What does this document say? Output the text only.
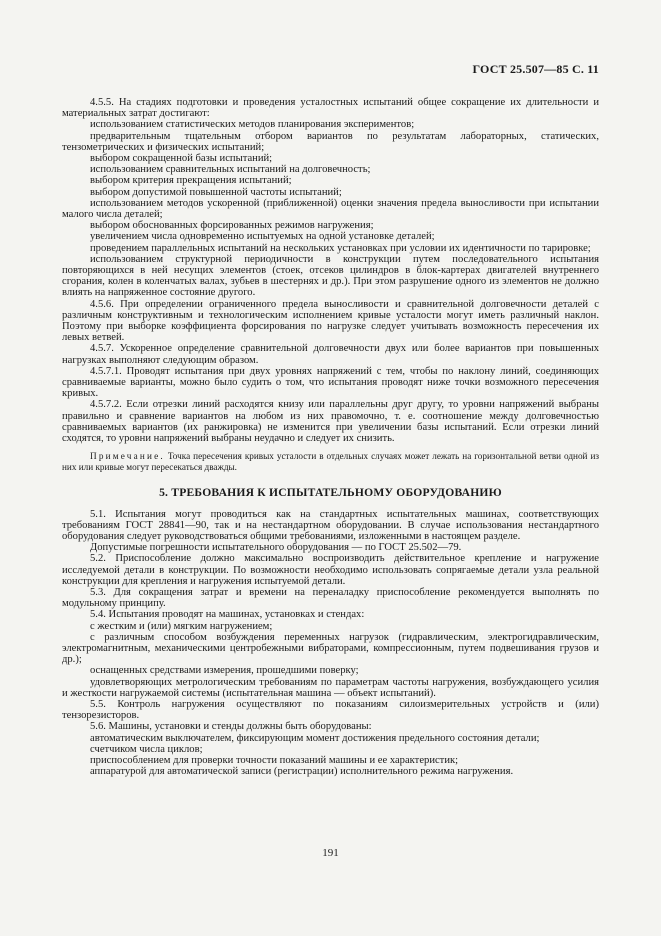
ГОСТ 25.507—85 С. 11

4.5.5. На стадиях подготовки и проведения усталостных испытаний общее сокращение их длительности и материальных затрат достигают:

использованием статистических методов планирования экспериментов;

предварительным тщательным отбором вариантов по результатам лабораторных, статических, тензометрических и физических испытаний;

выбором сокращенной базы испытаний;

использованием сравнительных испытаний на долговечность;

выбором критерия прекращения испытаний;

выбором допустимой повышенной частоты испытаний;

использованием методов ускоренной (приближенной) оценки значения предела выносливости при испытании малого числа деталей;

выбором обоснованных форсированных режимов нагружения;

увеличением числа одновременно испытуемых на одной установке деталей;

проведением параллельных испытаний на нескольких установках при условии их идентичности по тарировке;

использованием структурной периодичности в конструкции путем последовательного испытания повторяющихся в ней несущих элементов (стоек, отсеков цилиндров в блок-картерах двигателей внутреннего сгорания, колен в коленчатых валах, зубьев в шестернях и др.). При этом разрушение одного из элементов не должно влиять на напряженное состояние другого.

4.5.6. При определении ограниченного предела выносливости и сравнительной долговечности деталей с различным конструктивным и технологическим исполнением кривые усталости могут иметь различный наклон. Поэтому при выборке коэффициента форсирования по нагрузке следует учитывать возможность пересечения их левых ветвей.

4.5.7. Ускоренное определение сравнительной долговечности двух или более вариантов при повышенных нагрузках выполняют следующим образом.

4.5.7.1. Проводят испытания при двух уровнях напряжений с тем, чтобы по наклону линий, соединяющих сравниваемые варианты, можно было судить о том, что испытания проводят ниже точки возможного пересечения кривых.

4.5.7.2. Если отрезки линий расходятся книзу или параллельны друг другу, то уровни напряжений выбраны правильно и сравнение вариантов на любом из них правомочно, т. е. соотношение между долговечностью сравниваемых вариантов (их ранжировка) не изменится при увеличении базы испытаний. Если отрезки линий сходятся, то уровни напряжений выбраны неудачно и следует их снизить.

Примечание. Точка пересечения кривых усталости в отдельных случаях может лежать на горизонтальной ветви одной из них или кривые могут пересекаться дважды.

5. ТРЕБОВАНИЯ К ИСПЫТАТЕЛЬНОМУ ОБОРУДОВАНИЮ

5.1. Испытания могут проводиться как на стандартных испытательных машинах, соответствующих требованиям ГОСТ 28841—90, так и на нестандартном оборудовании. В случае использования нестандартного оборудования следует руководствоваться общими требованиями, изложенными в настоящем разделе.

Допустимые погрешности испытательного оборудования — по ГОСТ 25.502—79.

5.2. Приспособление должно максимально воспроизводить действительное крепление и нагружение исследуемой детали в конструкции. По возможности необходимо использовать сопрягаемые детали узла реальной конструкции для крепления и нагружения испытуемой детали.

5.3. Для сокращения затрат и времени на переналадку приспособление рекомендуется выполнять по модульному принципу.

5.4. Испытания проводят на машинах, установках и стендах:

с жестким и (или) мягким нагружением;

с различным способом возбуждения переменных нагрузок (гидравлическим, электрогидравлическим, электромагнитным, механическими центробежными вибраторами, компрессионным, путем подвешивания грузов и др.);

оснащенных средствами измерения, прошедшими поверку;

удовлетворяющих метрологическим требованиям по параметрам частоты нагружения, возбуждающего усилия и жесткости нагружаемой системы (испытательная машина — объект испытаний).

5.5. Контроль нагружения осуществляют по показаниям силоизмерительных устройств и (или) тензорезисторов.

5.6. Машины, установки и стенды должны быть оборудованы:

автоматическим выключателем, фиксирующим момент достижения предельного состояния детали;

счетчиком числа циклов;

приспособлением для проверки точности показаний машины и ее характеристик;

аппаратурой для автоматической записи (регистрации) исполнительного режима нагружения.

191
